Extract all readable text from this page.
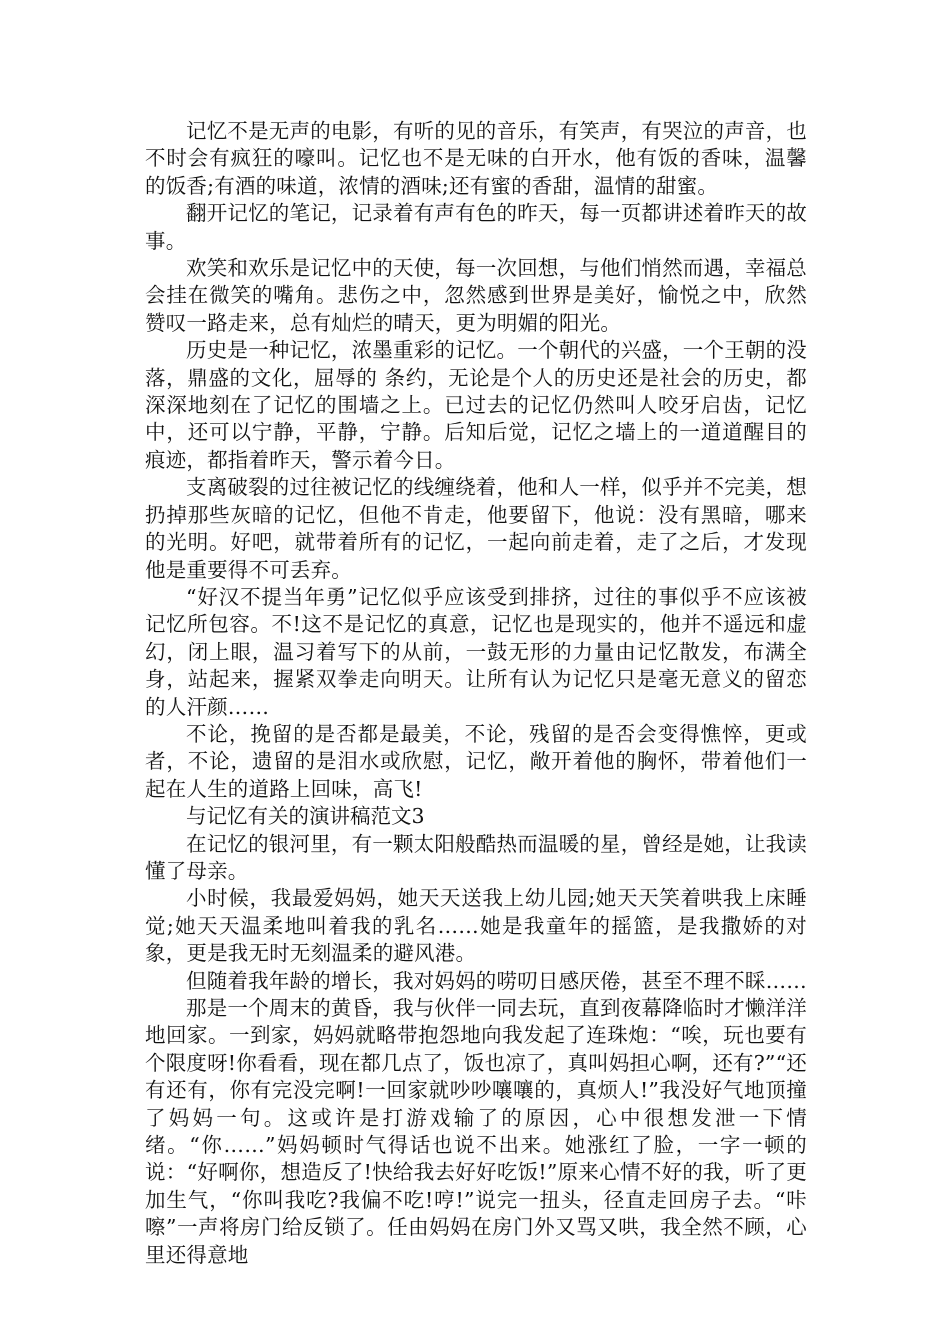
记忆不是无声的电影，有听的见的音乐，有笑声，有哭泣的声音，也不时会有疯狂的嚎叫。记忆也不是无味的白开水，他有饭的香味，温馨的饭香;有酒的味道，浓情的酒味;还有蜜的香甜，温情的甜蜜。

翻开记忆的笔记，记录着有声有色的昨天，每一页都讲述着昨天的故事。

欢笑和欢乐是记忆中的天使，每一次回想，与他们悄然而遇，幸福总会挂在微笑的嘴角。悲伤之中，忽然感到世界是美好，愉悦之中，欣然赞叹一路走来，总有灿烂的晴天，更为明媚的阳光。

历史是一种记忆，浓墨重彩的记忆。一个朝代的兴盛，一个王朝的没落，鼎盛的文化，屈辱的 条约，无论是个人的历史还是社会的历史，都深深地刻在了记忆的围墙之上。已过去的记忆仍然叫人咬牙启齿，记忆中，还可以宁静，平静，宁静。后知后觉，记忆之墙上的一道道醒目的痕迹，都指着昨天，警示着今日。

支离破裂的过往被记忆的线缠绕着，他和人一样，似乎并不完美，想扔掉那些灰暗的记忆，但他不肯走，他要留下，他说：没有黑暗，哪来的光明。好吧，就带着所有的记忆，一起向前走着，走了之后，才发现他是重要得不可丢弃。

“好汉不提当年勇”记忆似乎应该受到排挤，过往的事似乎不应该被记忆所包容。不!这不是记忆的真意，记忆也是现实的，他并不遥远和虚幻，闭上眼，温习着写下的从前，一鼓无形的力量由记忆散发，布满全身，站起来，握紧双拳走向明天。让所有认为记忆只是毫无意义的留恋的人汗颜……

不论，挽留的是否都是最美，不论，残留的是否会变得憔悴，更或者，不论，遗留的是泪水或欣慰，记忆，敞开着他的胸怀，带着他们一起在人生的道路上回味，高飞!

与记忆有关的演讲稿范文3

在记忆的银河里，有一颗太阳般酷热而温暖的星，曾经是她，让我读懂了母亲。

小时候，我最爱妈妈，她天天送我上幼儿园;她天天笑着哄我上床睡觉;她天天温柔地叫着我的乳名……她是我童年的摇篮，是我撒娇的对象，更是我无时无刻温柔的避风港。

但随着我年龄的增长，我对妈妈的唠叨日感厌倦，甚至不理不睬……

那是一个周末的黄昏，我与伙伴一同去玩，直到夜幕降临时才懒洋洋地回家。一到家，妈妈就略带抱怨地向我发起了连珠炮：“唉，玩也要有个限度呀!你看看，现在都几点了，饭也凉了，真叫妈担心啊，还有?”“还有还有，你有完没完啊!一回家就吵吵嚷嚷的，真烦人!”我没好气地顶撞了妈妈一句。这或许是打游戏输了的原因，心中很想发泄一下情绪。“你……”妈妈顿时气得话也说不出来。她涨红了脸，一字一顿的说：“好啊你，想造反了!快给我去好好吃饭!”原来心情不好的我，听了更加生气，“你叫我吃?我偏不吃!哼!”说完一扭头，径直走回房子去。“咔嚓”一声将房门给反锁了。任由妈妈在房门外又骂又哄，我全然不顾，心里还得意地
